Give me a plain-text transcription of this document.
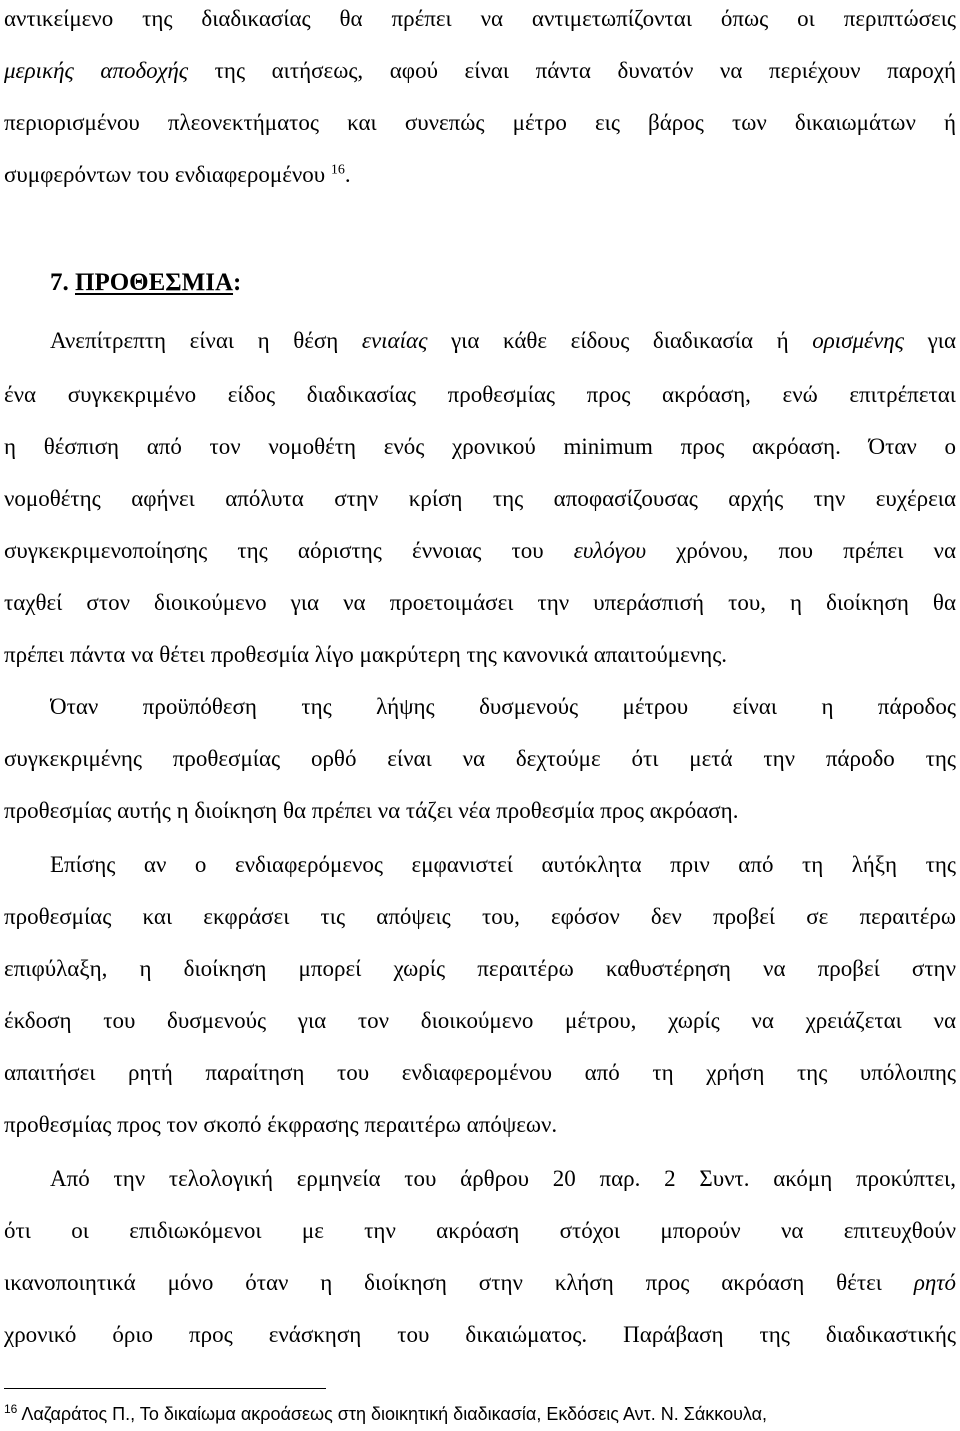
αντικείμενο της διαδικασίας θα πρέπει να αντιμετωπίζονται όπως οι περιπτώσεις

μερικής αποδοχής της αιτήσεως, αφού είναι πάντα δυνατόν να περιέχουν παροχή

περιορισμένου πλεονεκτήματος και συνεπώς μέτρο εις βάρος των δικαιωμάτων ή

συμφερόντων του ενδιαφερομένου $^{16}$.

7. ΠΡΟΘΕΣΜΙΑ:

Ανεπίτρεπτη είναι η θέση ενιαίας για κάθε είδους διαδικασία ή ορισμένης για

ένα συγκεκριμένο είδος διαδικασίας προθεσμίας προς ακρόαση, ενώ επιτρέπεται

η θέσπιση από τον νομοθέτη ενός χρονικού minimum προς ακρόαση. Όταν ο

νομοθέτης αφήνει απόλυτα στην κρίση της αποφασίζουσας αρχής την ευχέρεια

συγκεκριμενοποίησης της αόριστης έννοιας του ευλόγου χρόνου, που πρέπει να

ταχθεί στον διοικούμενο για να προετοιμάσει την υπεράσπισή του, η διοίκηση θα

πρέπει πάντα να θέτει προθεσμία λίγο μακρύτερη της κανονικά απαιτούμενης.

Όταν προϋπόθεση της λήψης δυσμενούς μέτρου είναι η πάροδος

συγκεκριμένης προθεσμίας ορθό είναι να δεχτούμε ότι μετά την πάροδο της

προθεσμίας αυτής η διοίκηση θα πρέπει να τάζει νέα προθεσμία προς ακρόαση.

Επίσης αν ο ενδιαφερόμενος εμφανιστεί αυτόκλητα πριν από τη λήξη της

προθεσμίας και εκφράσει τις απόψεις του, εφόσον δεν προβεί σε περαιτέρω

επιφύλαξη, η διοίκηση μπορεί χωρίς περαιτέρω καθυστέρηση να προβεί στην

έκδοση του δυσμενούς για τον διοικούμενο μέτρου, χωρίς να χρειάζεται να

απαιτήσει ρητή παραίτηση του ενδιαφερομένου από τη χρήση της υπόλοιπης

προθεσμίας προς τον σκοπό έκφρασης περαιτέρω απόψεων.

Από την τελολογική ερμηνεία του άρθρου 20 παρ. 2 Συντ. ακόμη προκύπτει,

ότι οι επιδιωκόμενοι με την ακρόαση στόχοι μπορούν να επιτευχθούν

ικανοποιητικά μόνο όταν η διοίκηση στην κλήση προς ακρόαση θέτει ρητό

χρονικό όριο προς ενάσκηση του δικαιώματος. Παράβαση της διαδικαστικής

$^{16}$ Λαζαράτος Π., Το δικαίωμα ακροάσεως στη διοικητική διαδικασία, Εκδόσεις Αντ. Ν. Σάκκουλα,
